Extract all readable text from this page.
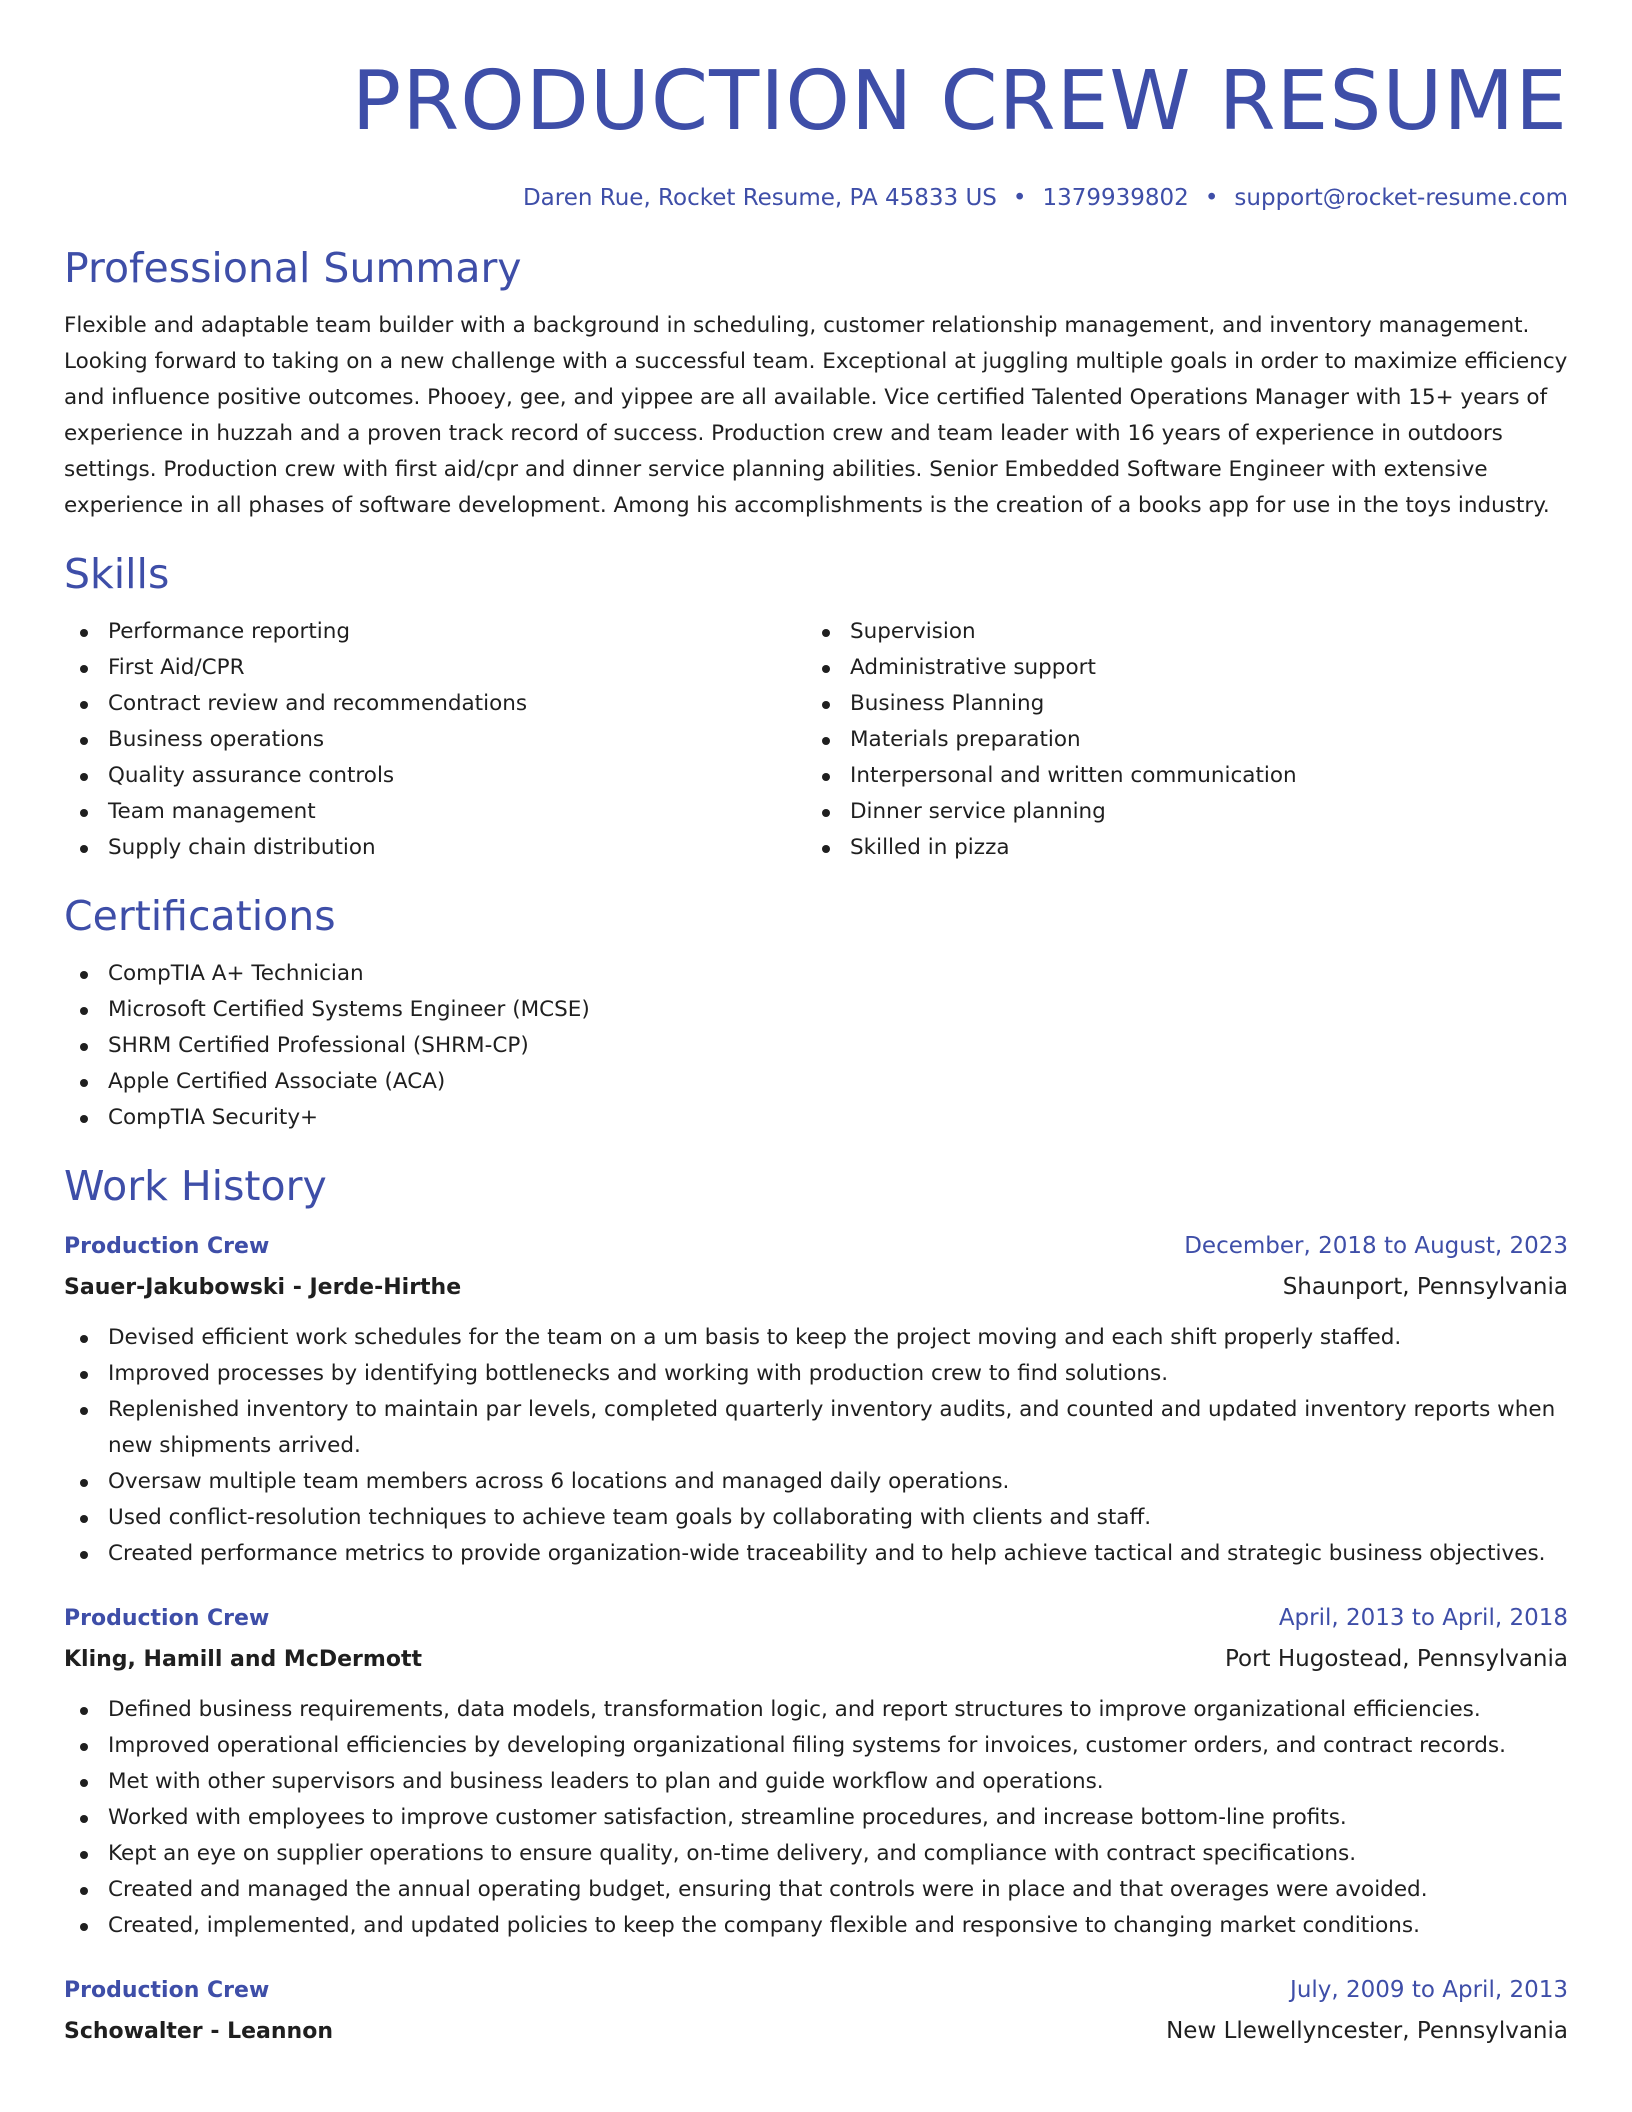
PRODUCTION CREW RESUME
Daren Rue, Rocket Resume, PA 45833 US • 1379939802 • support@rocket-resume.com
Professional Summary

Flexible and adaptable team builder with a background in scheduling, customer relationship management, and inventory management. Looking forward to taking on a new challenge with a successful team. Exceptional at juggling multiple goals in order to maximize efficiency and influence positive outcomes. Phooey, gee, and yippee are all available. Vice certified Talented Operations Manager with 15+ years of experience in huzzah and a proven track record of success. Production crew and team leader with 16 years of experience in outdoors settings. Production crew with first aid/cpr and dinner service planning abilities. Senior Embedded Software Engineer with extensive experience in all phases of software development. Among his accomplishments is the creation of a books app for use in the toys industry.

Skills
Performance reporting
First Aid/CPR
Contract review and recommendations
Business operations
Quality assurance controls
Team management
Supply chain distribution
Supervision
Administrative support
Business Planning
Materials preparation
Interpersonal and written communication
Dinner service planning
Skilled in pizza
Certifications
CompTIA A+ Technician
Microsoft Certified Systems Engineer (MCSE)
SHRM Certified Professional (SHRM-CP)
Apple Certified Associate (ACA)
CompTIA Security+
Work History
Production Crew	December, 2018 to August, 2023
Sauer-Jakubowski - Jerde-Hirthe	Shaunport, Pennsylvania
Devised efficient work schedules for the team on a um basis to keep the project moving and each shift properly staffed.
Improved processes by identifying bottlenecks and working with production crew to find solutions.
Replenished inventory to maintain par levels, completed quarterly inventory audits, and counted and updated inventory reports when new shipments arrived.
Oversaw multiple team members across 6 locations and managed daily operations.
Used conflict-resolution techniques to achieve team goals by collaborating with clients and staff.
Created performance metrics to provide organization-wide traceability and to help achieve tactical and strategic business objectives.
Production Crew	April, 2013 to April, 2018
Kling, Hamill and McDermott	Port Hugostead, Pennsylvania
Defined business requirements, data models, transformation logic, and report structures to improve organizational efficiencies.
Improved operational efficiencies by developing organizational filing systems for invoices, customer orders, and contract records.
Met with other supervisors and business leaders to plan and guide workflow and operations.
Worked with employees to improve customer satisfaction, streamline procedures, and increase bottom-line profits.
Kept an eye on supplier operations to ensure quality, on-time delivery, and compliance with contract specifications.
Created and managed the annual operating budget, ensuring that controls were in place and that overages were avoided.
Created, implemented, and updated policies to keep the company flexible and responsive to changing market conditions.
Production Crew	July, 2009 to April, 2013
Schowalter - Leannon	New Llewellyncester, Pennsylvania
